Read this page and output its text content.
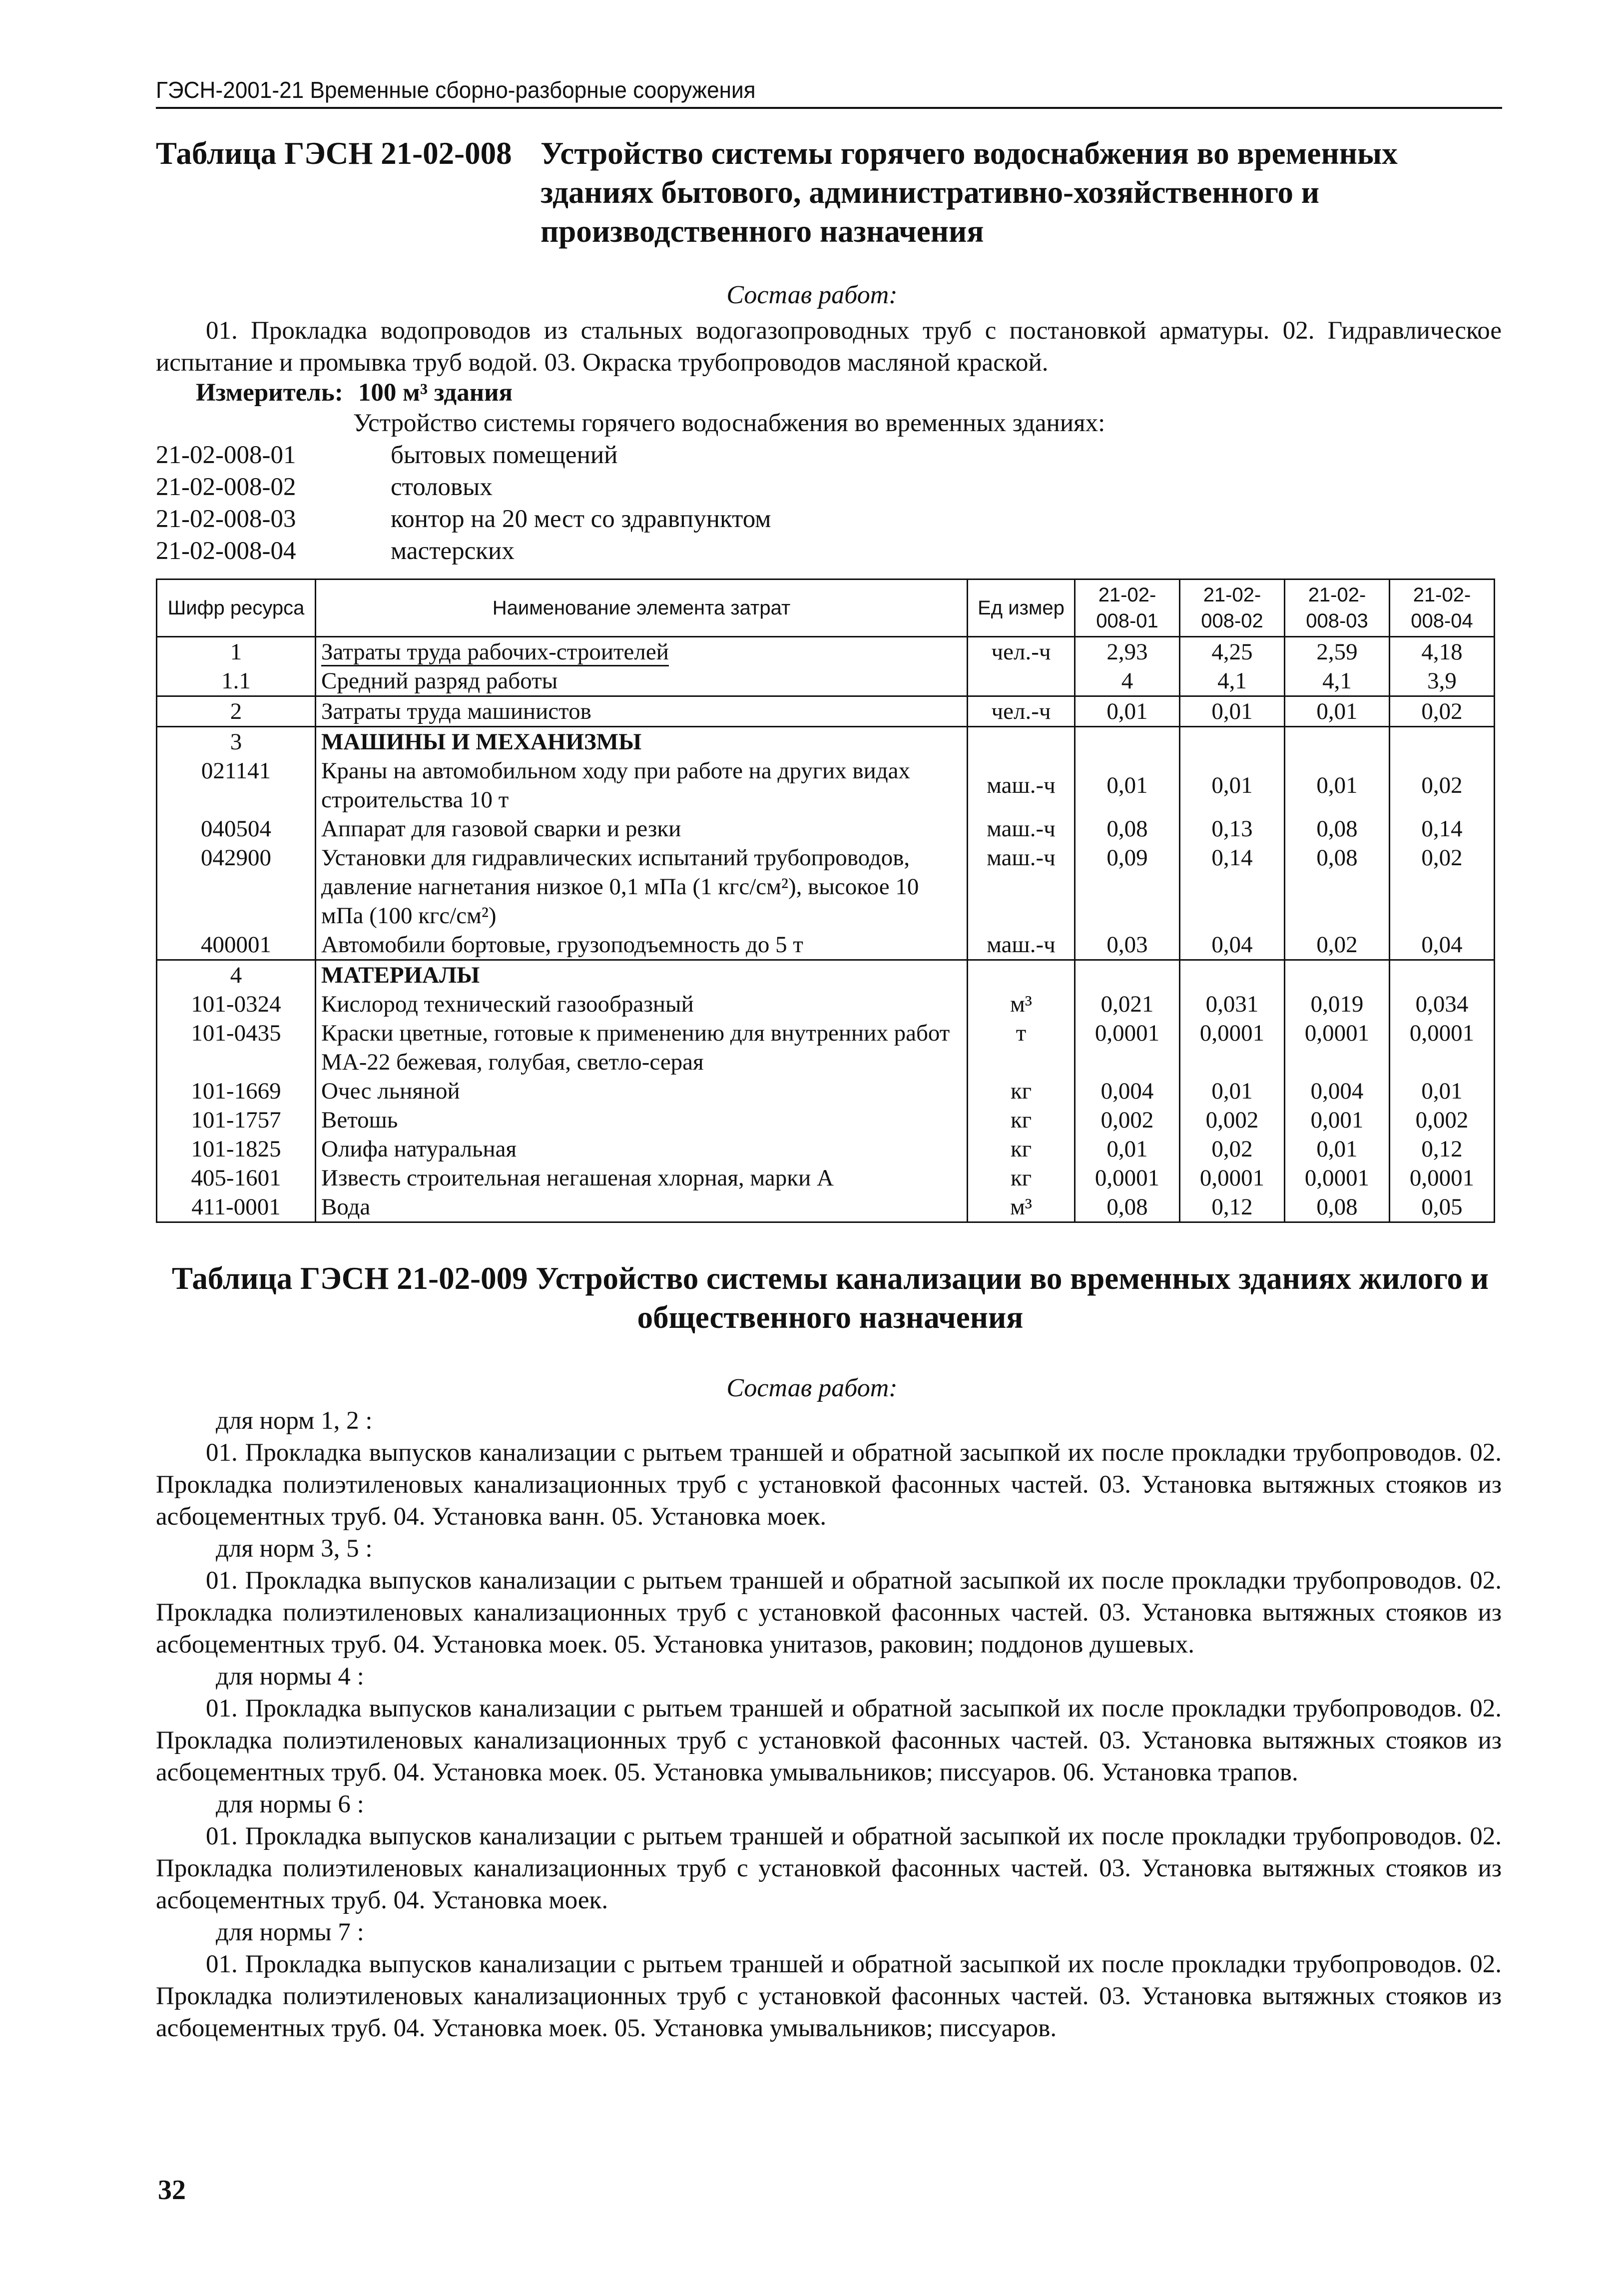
ГЭСН-2001-21 Временные сборно-разборные сооружения
Таблица ГЭСН 21-02-008 Устройство системы горячего водоснабжения во временных зданиях бытового, административно-хозяйственного и производственного назначения
Состав работ:
01. Прокладка водопроводов из стальных водогазопроводных труб с постановкой арматуры. 02. Гидравлическое испытание и промывка труб водой. 03. Окраска трубопроводов масляной краской.
Измеритель: 100 м³ здания
Устройство системы горячего водоснабжения во временных зданиях:
21-02-008-01	бытовых помещений
21-02-008-02	столовых
21-02-008-03	контор на 20 мест со здравпунктом
21-02-008-04	мастерских
Шифр ресурса	Наименование элемента затрат	Ед измер	21-02-008-01	21-02-008-02	21-02-008-03	21-02-008-04
1	Затраты труда рабочих-строителей	чел.-ч	2,93	4,25	2,59	4,18
1.1	Средний разряд работы		4	4,1	4,1	3,9
2	Затраты труда машинистов	чел.-ч	0,01	0,01	0,01	0,02
3	МАШИНЫ И МЕХАНИЗМЫ					
021141	Краны на автомобильном ходу при работе на других видах строительства 10 т	маш.-ч	0,01	0,01	0,01	0,02
040504	Аппарат для газовой сварки и резки	маш.-ч	0,08	0,13	0,08	0,14
042900	Установки для гидравлических испытаний трубопроводов, давление нагнетания низкое 0,1 мПа (1 кгс/см²), высокое 10 мПа (100 кгс/см²)	маш.-ч	0,09	0,14	0,08	0,02
400001	Автомобили бортовые, грузоподъемность до 5 т	маш.-ч	0,03	0,04	0,02	0,04
4	МАТЕРИАЛЫ					
101-0324	Кислород технический газообразный	м³	0,021	0,031	0,019	0,034
101-0435	Краски цветные, готовые к применению для внутренних работ МА-22 бежевая, голубая, светло-серая	т	0,0001	0,0001	0,0001	0,0001
101-1669	Очес льняной	кг	0,004	0,01	0,004	0,01
101-1757	Ветошь	кг	0,002	0,002	0,001	0,002
101-1825	Олифа натуральная	кг	0,01	0,02	0,01	0,12
405-1601	Известь строительная негашеная хлорная, марки А	кг	0,0001	0,0001	0,0001	0,0001
411-0001	Вода	м³	0,08	0,12	0,08	0,05
Таблица ГЭСН 21-02-009 Устройство системы канализации во временных зданиях жилого и общественного назначения
Состав работ:
для норм 1, 2 :
01. Прокладка выпусков канализации с рытьем траншей и обратной засыпкой их после прокладки трубопроводов. 02. Прокладка полиэтиленовых канализационных труб с установкой фасонных частей. 03. Установка вытяжных стояков из асбоцементных труб. 04. Установка ванн. 05. Установка моек.
для норм 3, 5 :
01. Прокладка выпусков канализации с рытьем траншей и обратной засыпкой их после прокладки трубопроводов. 02. Прокладка полиэтиленовых канализационных труб с установкой фасонных частей. 03. Установка вытяжных стояков из асбоцементных труб. 04. Установка моек. 05. Установка унитазов, раковин; поддонов душевых.
для нормы 4 :
01. Прокладка выпусков канализации с рытьем траншей и обратной засыпкой их после прокладки трубопроводов. 02. Прокладка полиэтиленовых канализационных труб с установкой фасонных частей. 03. Установка вытяжных стояков из асбоцементных труб. 04. Установка моек. 05. Установка умывальников; писсуаров. 06. Установка трапов.
для нормы 6 :
01. Прокладка выпусков канализации с рытьем траншей и обратной засыпкой их после прокладки трубопроводов. 02. Прокладка полиэтиленовых канализационных труб с установкой фасонных частей. 03. Установка вытяжных стояков из асбоцементных труб. 04. Установка моек.
для нормы 7 :
01. Прокладка выпусков канализации с рытьем траншей и обратной засыпкой их после прокладки трубопроводов. 02. Прокладка полиэтиленовых канализационных труб с установкой фасонных частей. 03. Установка вытяжных стояков из асбоцементных труб. 04. Установка моек. 05. Установка умывальников; писсуаров.
32
